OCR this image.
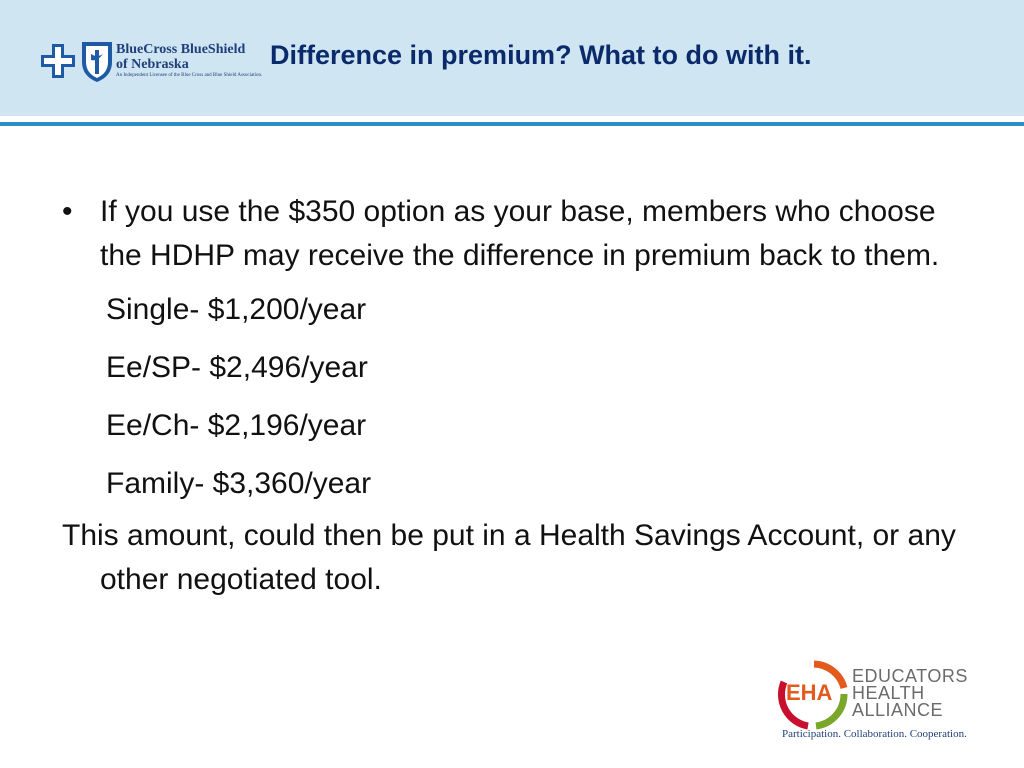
BlueCross BlueShield
of Nebraska
An Independent Licensee of the Blue Cross and Blue Shield Association.
Difference in premium? What to do with it.
• If you use the $350 option as your base, members who choose the HDHP may receive the difference in premium back to them.
Single- $1,200/year
Ee/SP- $2,496/year
Ee/Ch- $2,196/year
Family- $3,360/year
This amount, could then be put in a Health Savings Account, or any other negotiated tool.
EHA
EDUCATORS
HEALTH
ALLIANCE
Participation. Collaboration. Cooperation.
